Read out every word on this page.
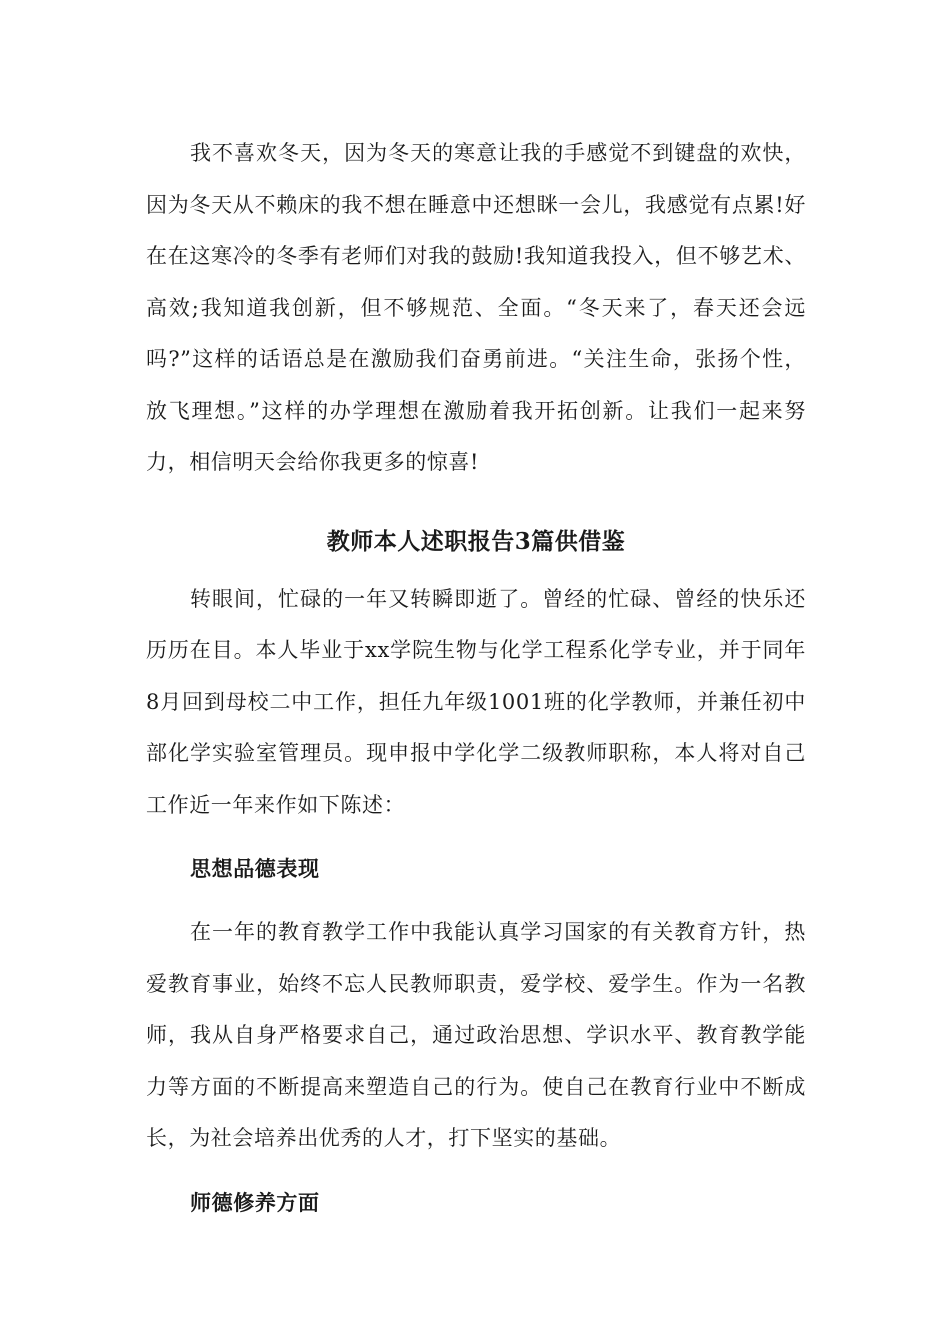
我不喜欢冬天，因为冬天的寒意让我的手感觉不到键盘的欢快，因为冬天从不赖床的我不想在睡意中还想眯一会儿，我感觉有点累!好在在这寒冷的冬季有老师们对我的鼓励!我知道我投入，但不够艺术、高效;我知道我创新，但不够规范、全面。“冬天来了，春天还会远吗?”这样的话语总是在激励我们奋勇前进。“关注生命，张扬个性，放飞理想。”这样的办学理想在激励着我开拓创新。让我们一起来努力，相信明天会给你我更多的惊喜!

教师本人述职报告3篇供借鉴

转眼间，忙碌的一年又转瞬即逝了。曾经的忙碌、曾经的快乐还历历在目。本人毕业于xx学院生物与化学工程系化学专业，并于同年8月回到母校二中工作，担任九年级1001班的化学教师，并兼任初中部化学实验室管理员。现申报中学化学二级教师职称，本人将对自己工作近一年来作如下陈述：

思想品德表现

在一年的教育教学工作中我能认真学习国家的有关教育方针，热爱教育事业，始终不忘人民教师职责，爱学校、爱学生。作为一名教师，我从自身严格要求自己，通过政治思想、学识水平、教育教学能力等方面的不断提高来塑造自己的行为。使自己在教育行业中不断成长，为社会培养出优秀的人才，打下坚实的基础。

师德修养方面
